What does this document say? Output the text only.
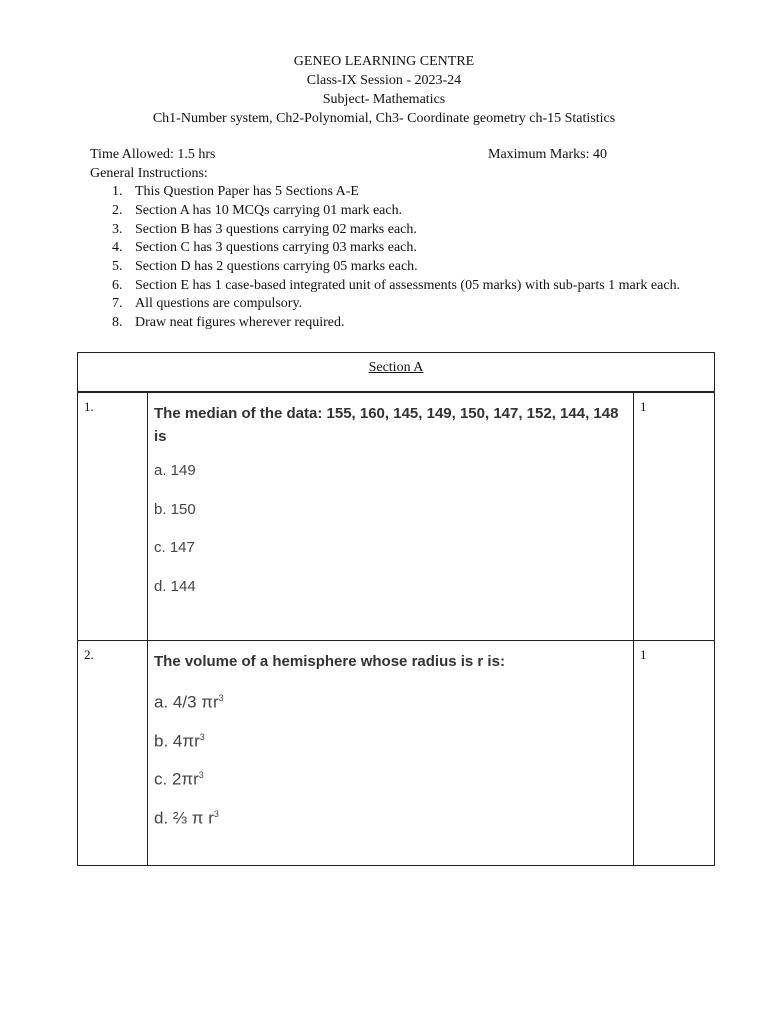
GENEO LEARNING CENTRE
Class-IX Session - 2023-24
Subject- Mathematics
Ch1-Number system, Ch2-Polynomial, Ch3- Coordinate geometry ch-15 Statistics
Time Allowed: 1.5 hrs	Maximum Marks: 40
General Instructions:
1. This Question Paper has 5 Sections A-E
2. Section A has 10 MCQs carrying 01 mark each.
3. Section B has 3 questions carrying 02 marks each.
4. Section C has 3 questions carrying 03 marks each.
5. Section D has 2 questions carrying 05 marks each.
6. Section E has 1 case-based integrated unit of assessments (05 marks) with sub-parts 1 mark each.
7. All questions are compulsory.
8. Draw neat figures wherever required.
Section A
1.	The median of the data: 155, 160, 145, 149, 150, 147, 152, 144, 148 is
a. 149
b. 150
c. 147
d. 144
1
2.	The volume of a hemisphere whose radius is r is:
a. 4/3 $\pi r^3$
b. $4\pi r^3$
c. $2\pi r^3$
d. ⅔ π $r^3$
1
